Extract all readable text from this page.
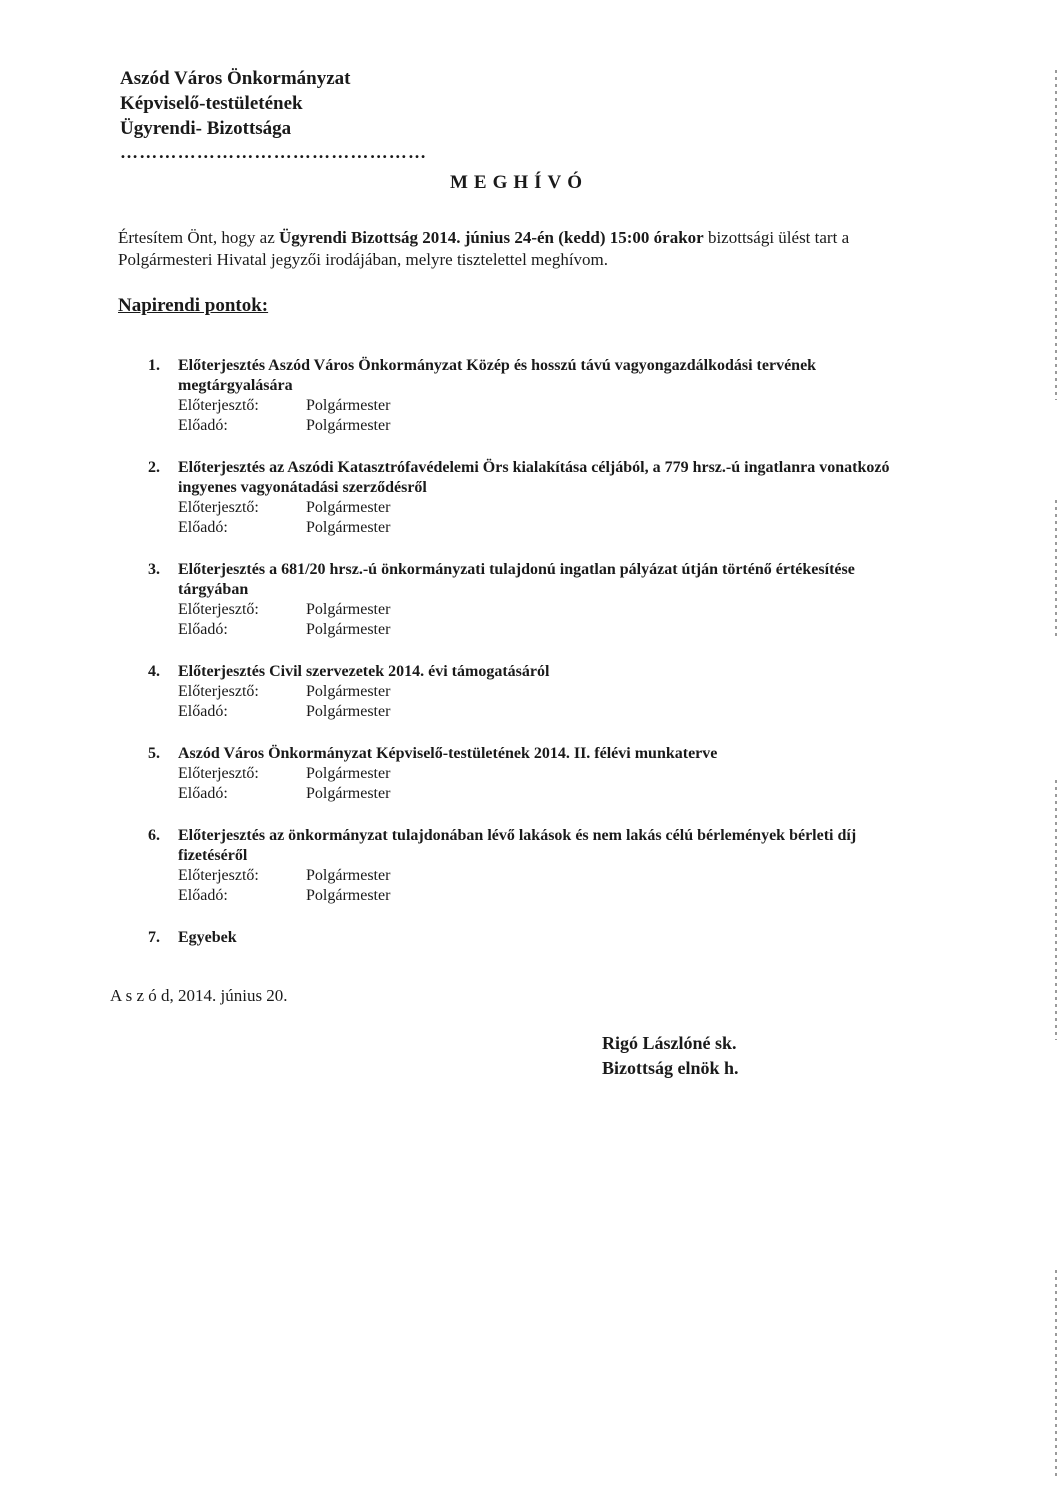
Aszód Város Önkormányzat
Képviselő-testületének
Ügyrendi- Bizottsága
…………………………………………
MEGHÍVÓ
Értesítem Önt, hogy az Ügyrendi Bizottság 2014. június 24-én (kedd) 15:00 órakor bizottsági ülést tart a Polgármesteri Hivatal jegyzői irodájában, melyre tisztelettel meghívom.
Napirendi pontok:
1.	Előterjesztés Aszód Város Önkormányzat Közép és hosszú távú vagyongazdálkodási tervének megtárgyalására
Előterjesztő:	Polgármester
Előadó:	Polgármester
2.	Előterjesztés az Aszódi Katasztrófavédelemi Örs kialakítása céljából, a 779 hrsz.-ú ingatlanra vonatkozó ingyenes vagyonátadási szerződésről
Előterjesztő:	Polgármester
Előadó:	Polgármester
3.	Előterjesztés a 681/20 hrsz.-ú önkormányzati tulajdonú ingatlan pályázat útján történő értékesítése tárgyában
Előterjesztő:	Polgármester
Előadó:	Polgármester
4.	Előterjesztés Civil szervezetek 2014. évi támogatásáról
Előterjesztő:	Polgármester
Előadó:	Polgármester
5.	Aszód Város Önkormányzat Képviselő-testületének 2014. II. félévi munkaterve
Előterjesztő:	Polgármester
Előadó:	Polgármester
6.	Előterjesztés az önkormányzat tulajdonában lévő lakások és nem lakás célú bérlemények bérleti díj fizetéséről
Előterjesztő:	Polgármester
Előadó:	Polgármester
7.	Egyebek
A s z ó d, 2014. június 20.
Rigó Lászlóné sk.
Bizottság elnök h.
